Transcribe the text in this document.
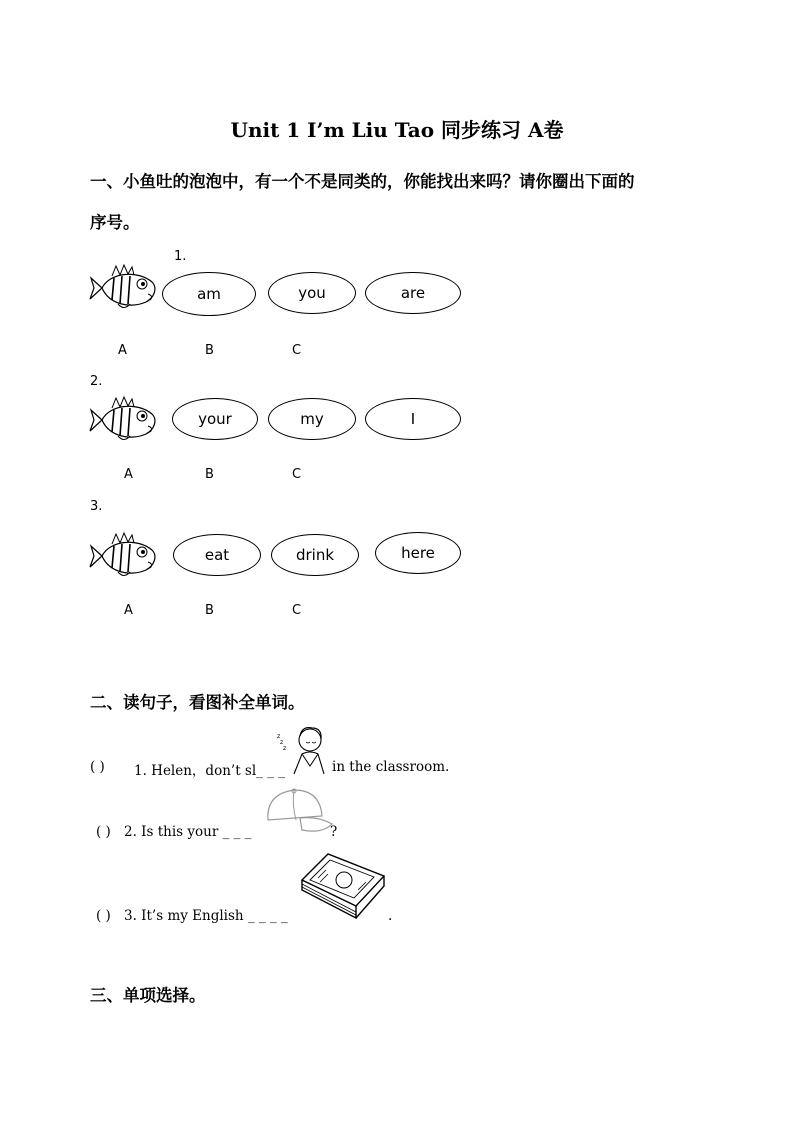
Unit 1 I’m Liu Tao 同步练习 A卷
一、小鱼吐的泡泡中，有一个不是同类的，你能找出来吗？请你圈出下面的
序号。
1.
am	you	are
A	B	C
2.
your	my	I
A	B	C
3.
eat	drink	here
A	B	C
二、读句子，看图补全单词。
( ) 1. Helen，don’t sl_ _ _
z
z
z
in the classroom.
( ) 2. Is this your _ _ _	?
( ) 3. It’s my English _ _ _ _	.
三、单项选择。
